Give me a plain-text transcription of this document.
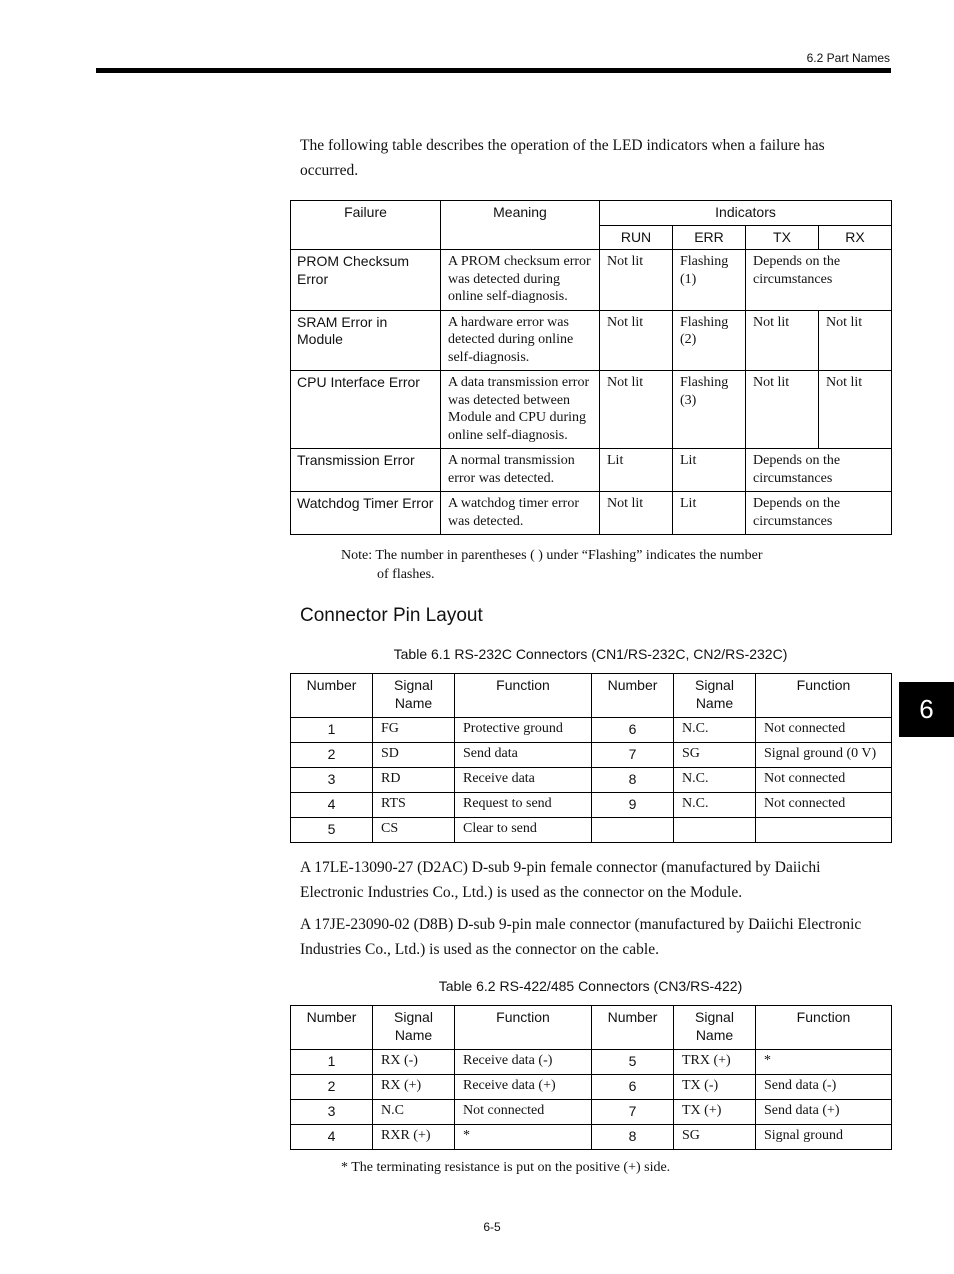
6.2 Part Names
6

The following table describes the operation of the LED indicators when a failure has occurred.

Failure	Meaning	Indicators			
		RUN	ERR	TX	RX
PROM Checksum Error	A PROM checksum error was detected during online self-diagnosis.	Not lit	Flashing (1)	Depends on the circumstances	
SRAM Error in Module	A hardware error was detected during online self-diagnosis.	Not lit	Flashing (2)	Not lit	Not lit
CPU Interface Error	A data transmission error was detected between Module and CPU during online self-diagnosis.	Not lit	Flashing (3)	Not lit	Not lit
Transmission Error	A normal transmission error was detected.	Lit	Lit	Depends on the circumstances	
Watchdog Timer Error	A watchdog timer error was detected.	Not lit	Lit	Depends on the circumstances	
Note: The number in parentheses ( ) under “Flashing” indicates the number
of flashes.
Connector Pin Layout
Table 6.1 RS-232C Connectors (CN1/RS-232C, CN2/RS-232C)
Number	Signal Name	Function	Number	Signal Name	Function
1	FG	Protective ground	6	N.C.	Not connected
2	SD	Send data	7	SG	Signal ground (0 V)
3	RD	Receive data	8	N.C.	Not connected
4	RTS	Request to send	9	N.C.	Not connected
5	CS	Clear to send			

A 17LE-13090-27 (D2AC) D-sub 9-pin female connector (manufactured by Daiichi Electronic Industries Co., Ltd.) is used as the connector on the Module.

A 17JE-23090-02 (D8B) D-sub 9-pin male connector (manufactured by Daiichi Electronic Industries Co., Ltd.) is used as the connector on the cable.

Table 6.2 RS-422/485 Connectors (CN3/RS-422)
Number	Signal Name	Function	Number	Signal Name	Function
1	RX (-)	Receive data (-)	5	TRX (+)	*
2	RX (+)	Receive data (+)	6	TX (-)	Send data (-)
3	N.C	Not connected	7	TX (+)	Send data (+)
4	RXR (+)	*	8	SG	Signal ground
* The terminating resistance is put on the positive (+) side.
6-5
